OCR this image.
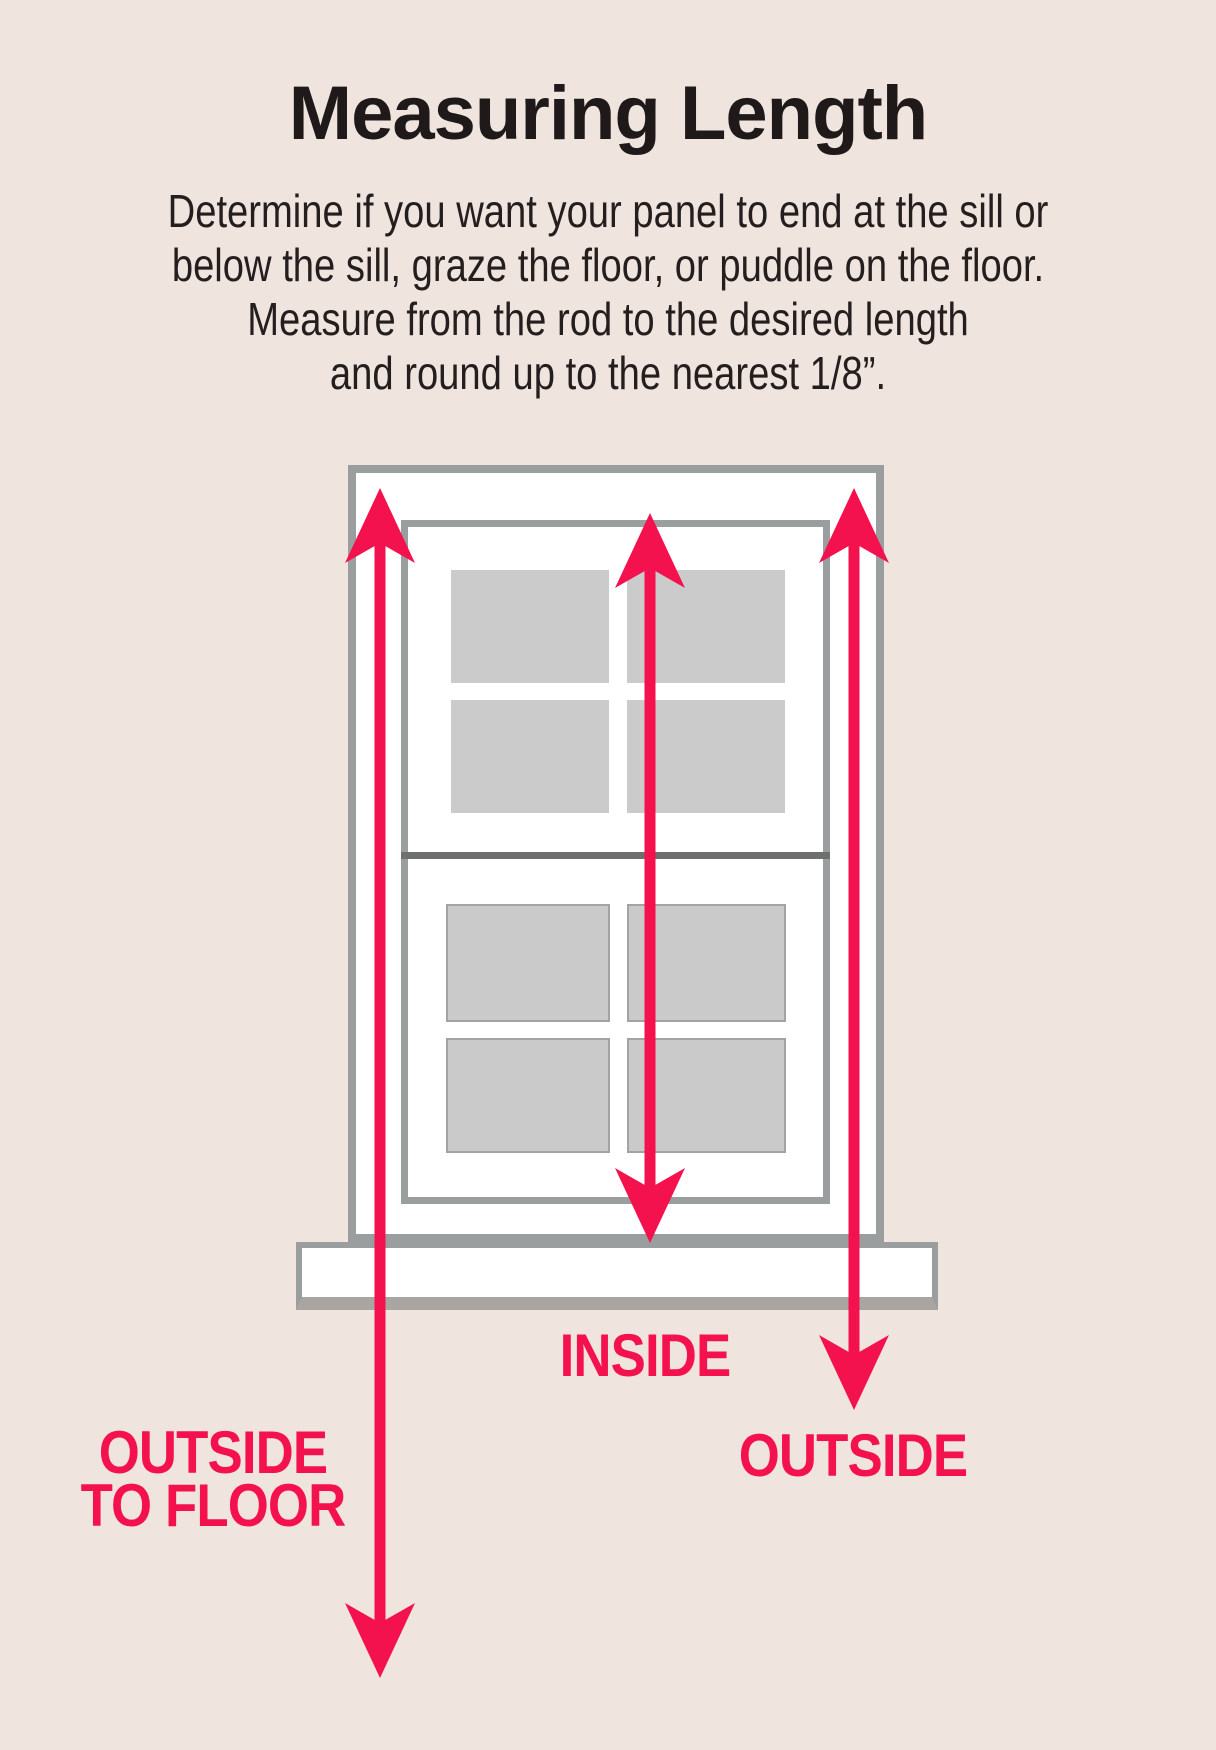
Measuring Length
Determine if you want your panel to end at the sill or
below the sill, graze the floor, or puddle on the floor.
Measure from the rod to the desired length
and round up to the nearest 1/8”.
INSIDE
OUTSIDE
OUTSIDE
TO FLOOR
